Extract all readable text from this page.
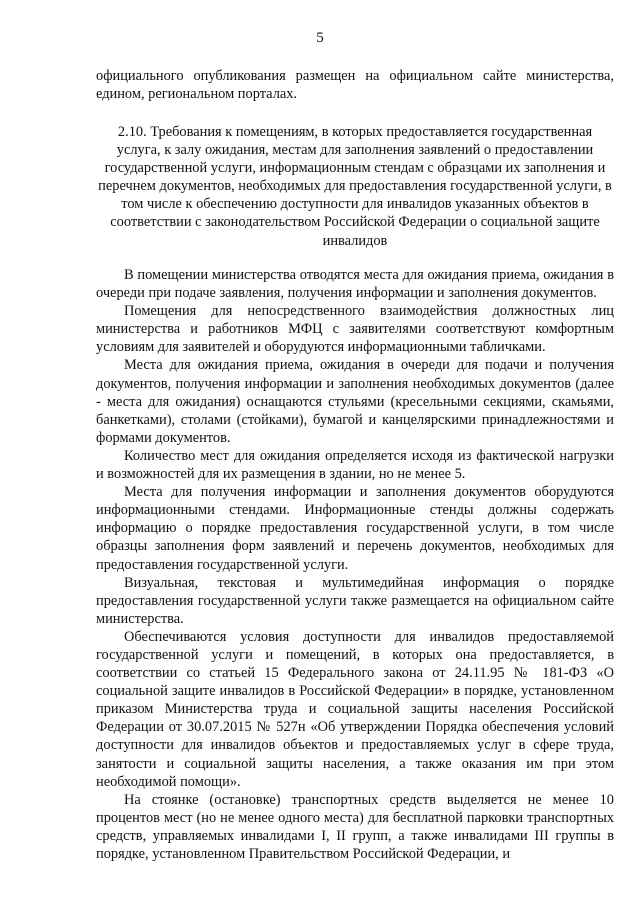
5
официального опубликования размещен на официальном сайте министерства, едином, региональном порталах.
2.10. Требования к помещениям, в которых предоставляется государственная услуга, к залу ожидания, местам для заполнения заявлений о предоставлении государственной услуги, информационным стендам с образцами их заполнения и перечнем документов, необходимых для предоставления государственной услуги, в том числе к обеспечению доступности для инвалидов указанных объектов в соответствии с законодательством Российской Федерации о социальной защите инвалидов

В помещении министерства отводятся места для ожидания приема, ожидания в очереди при подаче заявления, получения информации и заполнения документов.

Помещения для непосредственного взаимодействия должностных лиц министерства и работников МФЦ с заявителями соответствуют комфортным условиям для заявителей и оборудуются информационными табличками.

Места для ожидания приема, ожидания в очереди для подачи и получения документов, получения информации и заполнения необходимых документов (далее - места для ожидания) оснащаются стульями (кресельными секциями, скамьями, банкетками), столами (стойками), бумагой и канцелярскими принадлежностями и формами документов.

Количество мест для ожидания определяется исходя из фактической нагрузки и возможностей для их размещения в здании, но не менее 5.

Места для получения информации и заполнения документов оборудуются информационными стендами. Информационные стенды должны содержать информацию о порядке предоставления государственной услуги, в том числе образцы заполнения форм заявлений и перечень документов, необходимых для предоставления государственной услуги.

Визуальная, текстовая и мультимедийная информация о порядке предоставления государственной услуги также размещается на официальном сайте министерства.

Обеспечиваются условия доступности для инвалидов предоставляемой государственной услуги и помещений, в которых она предоставляется, в соответствии со статьей 15 Федерального закона от 24.11.95 № 181-ФЗ «О социальной защите инвалидов в Российской Федерации» в порядке, установленном приказом Министерства труда и социальной защиты населения Российской Федерации от 30.07.2015 № 527н «Об утверждении Порядка обеспечения условий доступности для инвалидов объектов и предоставляемых услуг в сфере труда, занятости и социальной защиты населения, а также оказания им при этом необходимой помощи».

На стоянке (остановке) транспортных средств выделяется не менее 10 процентов мест (но не менее одного места) для бесплатной парковки транспортных средств, управляемых инвалидами I, II групп, а также инвалидами III группы в порядке, установленном Правительством Российской Федерации, и
